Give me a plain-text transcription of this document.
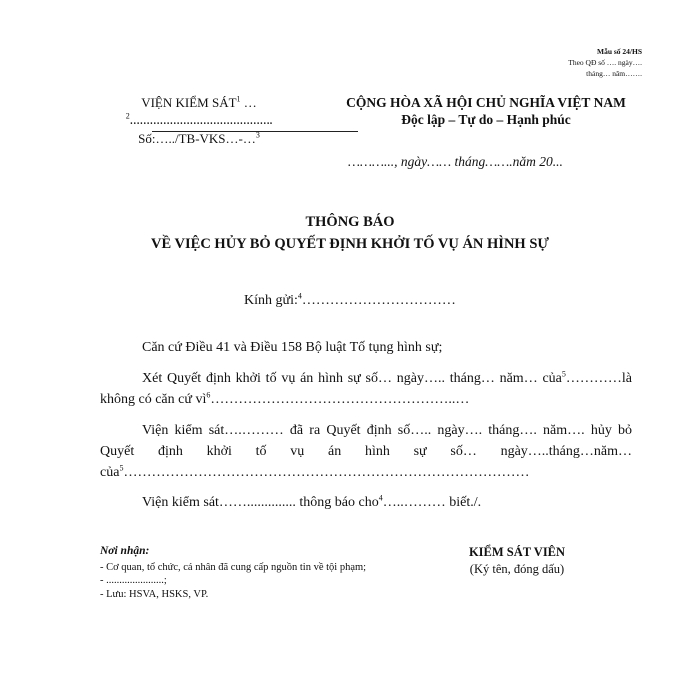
Mẫu số 24/HS
Theo QĐ số …. ngày….
tháng… năm…….
VIỆN KIỂM SÁT$^1$ …
$^2$…………………………………….
Số:…../TB-VKS…-…$^3$
CỘNG HÒA XÃ HỘI CHỦ NGHĨA VIỆT NAM
Độc lập – Tự do – Hạnh phúc
………..., ngày…… tháng…….năm 20...
THÔNG BÁO
VỀ VIỆC HỦY BỎ QUYẾT ĐỊNH KHỞI TỐ VỤ ÁN HÌNH SỰ
Kính gửi:$^4$……………………………
Căn cứ Điều 41 và Điều 158 Bộ luật Tố tụng hình sự;
Xét Quyết định khởi tố vụ án hình sự số… ngày….. tháng… năm… của$^5$…………là không có căn cứ $vì^6\dots\dots\dots\dots\dots\dots\dots\dots\dots\dots\dots\dots\dots\dots\dots\dots\dots..\dots$
Viện kiểm sát….……… đã ra Quyết định số….. ngày…. tháng…. năm…. hủy bỏ Quyết định khởi tố vụ án hình sự số… ngày…..tháng…năm… của$^5$……………………………………………………………………………
Viện kiểm sát…….............. thông báo cho$^4$…..……… biết./.
Nơi nhận:
- Cơ quan, tổ chức, cá nhân đã cung cấp nguồn tin về tội phạm;
- ......................;
- Lưu: HSVA, HSKS, VP.
KIỂM SÁT VIÊN
(Ký tên, đóng dấu)
